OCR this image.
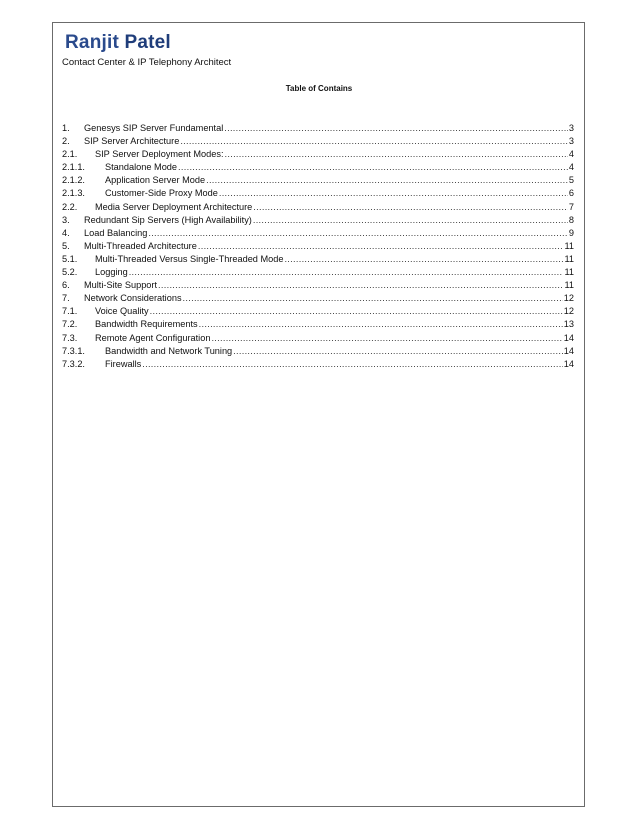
Ranjit Patel
Contact Center & IP Telephony Architect
Table of Contains
1.	Genesys SIP Server Fundamental .....	3
2.	SIP Server Architecture .....	3
2.1.	SIP Server Deployment Modes: .....	4
2.1.1.	Standalone Mode .....	4
2.1.2.	Application Server Mode .....	5
2.1.3.	Customer-Side Proxy Mode .....	6
2.2.	Media Server Deployment Architecture .....	7
3.	Redundant Sip Servers (High Availability) .....	8
4.	Load Balancing .....	9
5.	Multi-Threaded Architecture .....	11
5.1.	Multi-Threaded Versus Single-Threaded Mode .....	11
5.2.	Logging .....	11
6.	Multi-Site Support .....	11
7.	Network Considerations .....	12
7.1.	Voice Quality .....	12
7.2.	Bandwidth Requirements .....	13
7.3.	Remote Agent Configuration .....	14
7.3.1.	Bandwidth and Network Tuning .....	14
7.3.2.	Firewalls .....	14
